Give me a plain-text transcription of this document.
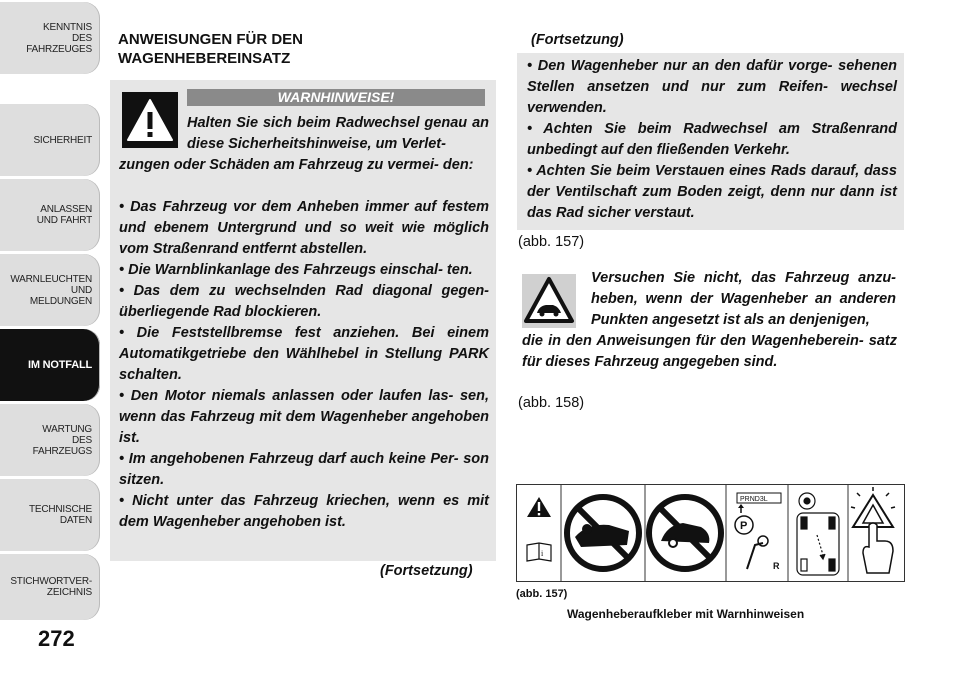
KENNTNIS
DES
FAHRZEUGES
SICHERHEIT
ANLASSEN
UND FAHRT
WARNLEUCHTEN
UND
MELDUNGEN
IM NOTFALL
WARTUNG
DES
FAHRZEUGS
TECHNISCHE
DATEN
STICHWORTVER-
ZEICHNIS
272
ANWEISUNGEN FÜR DEN
WAGENHEBEREINSATZ
WARNHINWEISE!
Halten Sie sich beim Radwechsel genau an diese Sicherheitshinweise, um Verlet-
zungen oder Schäden am Fahrzeug zu vermei- den:
• Das Fahrzeug vor dem Anheben immer auf festem und ebenem Untergrund und so weit wie möglich vom Straßenrand entfernt abstellen.
• Die Warnblinkanlage des Fahrzeugs einschal- ten.
• Das dem zu wechselnden Rad diagonal gegen- überliegende Rad blockieren.
• Die Feststellbremse fest anziehen. Bei einem Automatikgetriebe den Wählhebel in Stellung PARK schalten.
• Den Motor niemals anlassen oder laufen las- sen, wenn das Fahrzeug mit dem Wagenheber angehoben ist.
• Im angehobenen Fahrzeug darf auch keine Per- son sitzen.
• Nicht unter das Fahrzeug kriechen, wenn es mit dem Wagenheber angehoben ist.
(Fortsetzung)
(Fortsetzung)
• Den Wagenheber nur an den dafür vorge- sehenen Stellen ansetzen und nur zum Reifen- wechsel verwenden.
• Achten Sie beim Radwechsel am Straßenrand unbedingt auf den fließenden Verkehr.
• Achten Sie beim Verstauen eines Rads darauf, dass der Ventilschaft zum Boden zeigt, denn nur dann ist das Rad sicher verstaut.
(abb. 157)
Versuchen Sie nicht, das Fahrzeug anzu- heben, wenn der Wagenheber an anderen Punkten angesetzt ist als an denjenigen,
die in den Anweisungen für den Wagenheberein- satz für dieses Fahrzeug angegeben sind.
(abb. 158)
i
PRND3L
P
R
(abb. 157)
Wagenheberaufkleber mit Warnhinweisen
